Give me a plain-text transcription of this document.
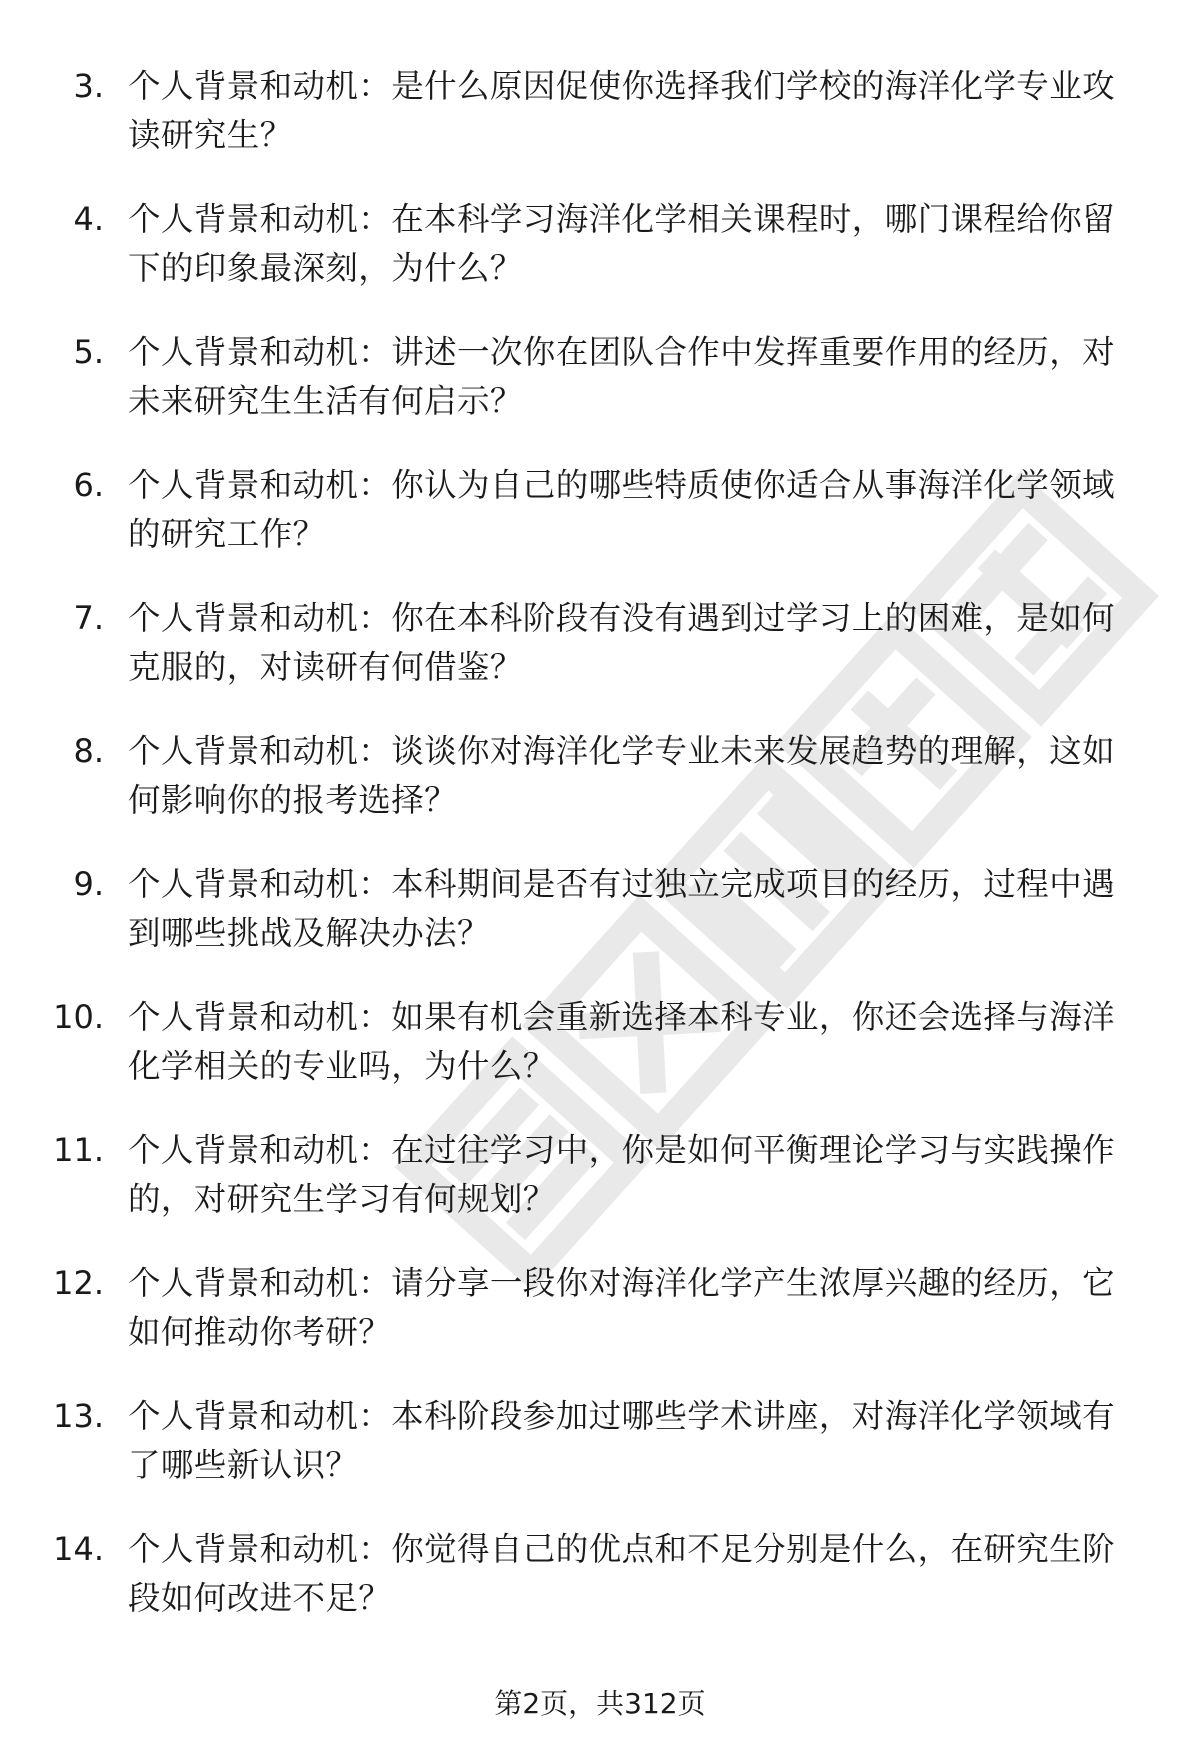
3. 个人背景和动机：是什么原因促使你选择我们学校的海洋化学专业攻读研究生？
4. 个人背景和动机：在本科学习海洋化学相关课程时，哪门课程给你留下的印象最深刻，为什么？
5. 个人背景和动机：讲述一次你在团队合作中发挥重要作用的经历，对未来研究生生活有何启示？
6. 个人背景和动机：你认为自己的哪些特质使你适合从事海洋化学领域的研究工作？
7. 个人背景和动机：你在本科阶段有没有遇到过学习上的困难，是如何克服的，对读研有何借鉴？
8. 个人背景和动机：谈谈你对海洋化学专业未来发展趋势的理解，这如何影响你的报考选择？
9. 个人背景和动机：本科期间是否有过独立完成项目的经历，过程中遇到哪些挑战及解决办法？
10. 个人背景和动机：如果有机会重新选择本科专业，你还会选择与海洋化学相关的专业吗，为什么？
11. 个人背景和动机：在过往学习中，你是如何平衡理论学习与实践操作的，对研究生学习有何规划？
12. 个人背景和动机：请分享一段你对海洋化学产生浓厚兴趣的经历，它如何推动你考研？
13. 个人背景和动机：本科阶段参加过哪些学术讲座，对海洋化学领域有了哪些新认识？
14. 个人背景和动机：你觉得自己的优点和不足分别是什么，在研究生阶段如何改进不足？
第2页，共312页
